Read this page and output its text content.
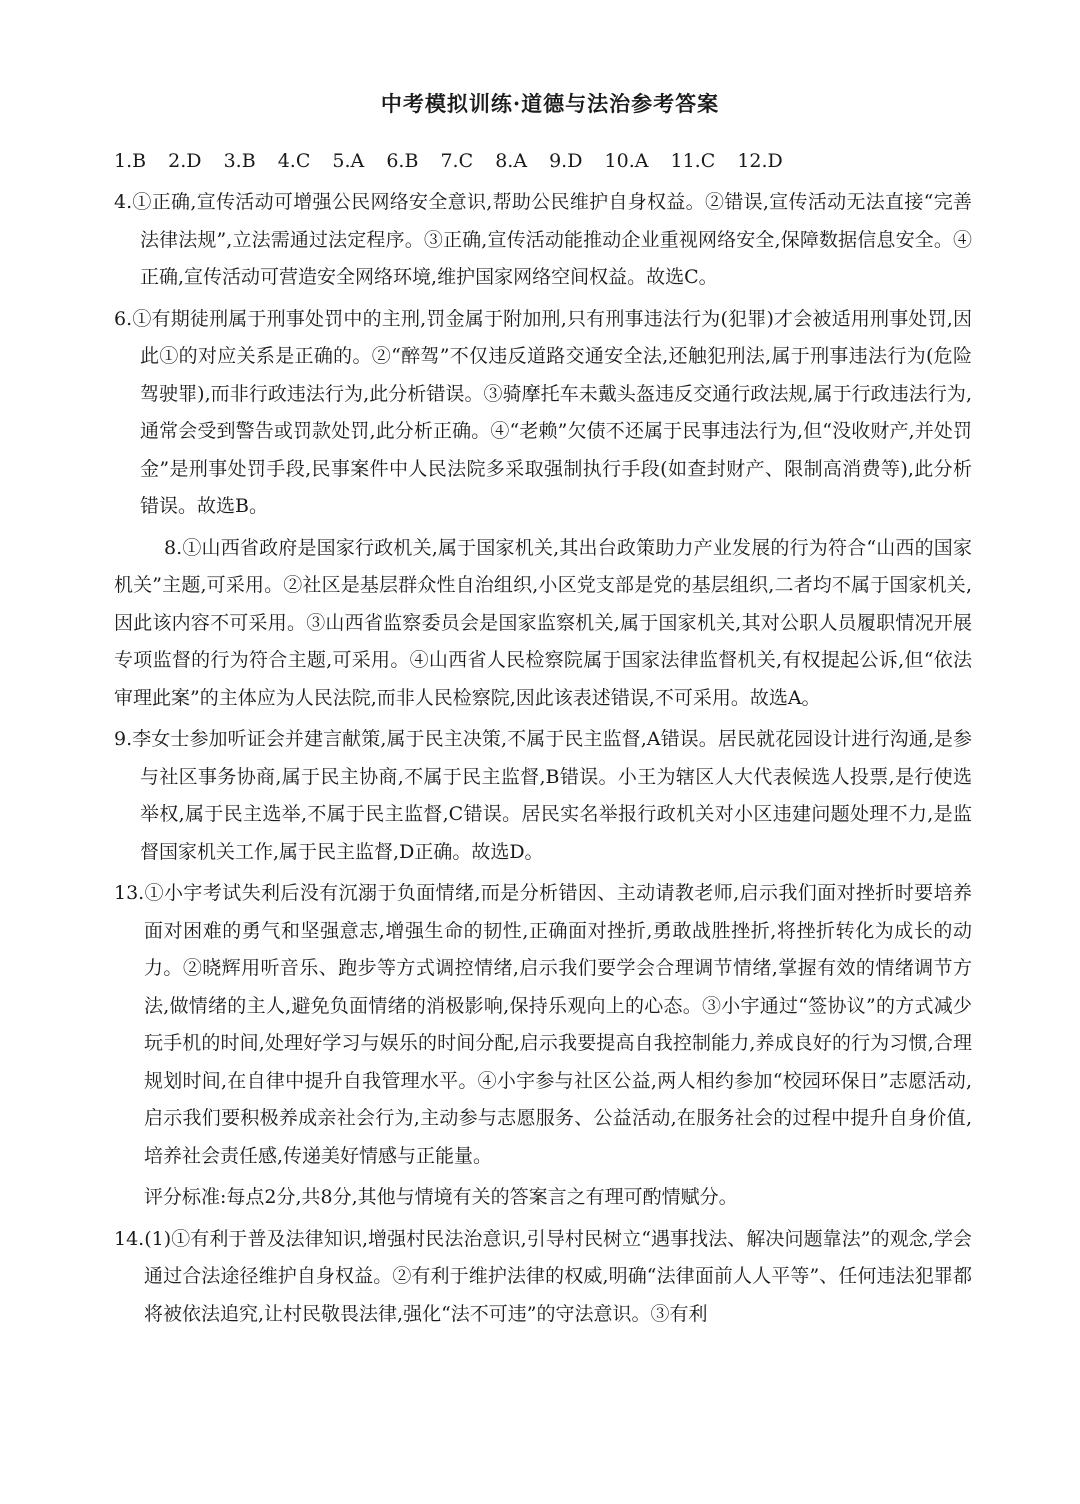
中考模拟训练·道德与法治参考答案
1.B 2.D 3.B 4.C 5.A 6.B 7.C 8.A 9.D 10.A 11.C 12.D

4.①正确,宣传活动可增强公民网络安全意识,帮助公民维护自身权益。②错误,宣传活动无法直接“完善法律法规”,立法需通过法定程序。③正确,宣传活动能推动企业重视网络安全,保障数据信息安全。④正确,宣传活动可营造安全网络环境,维护国家网络空间权益。故选C。

6.①有期徒刑属于刑事处罚中的主刑,罚金属于附加刑,只有刑事违法行为(犯罪)才会被适用刑事处罚,因此①的对应关系是正确的。②“醉驾”不仅违反道路交通安全法,还触犯刑法,属于刑事违法行为(危险驾驶罪),而非行政违法行为,此分析错误。③骑摩托车未戴头盔违反交通行政法规,属于行政违法行为,通常会受到警告或罚款处罚,此分析正确。④“老赖”欠债不还属于民事违法行为,但“没收财产,并处罚金”是刑事处罚手段,民事案件中人民法院多采取强制执行手段(如查封财产、限制高消费等),此分析错误。故选B。

8.①山西省政府是国家行政机关,属于国家机关,其出台政策助力产业发展的行为符合“山西的国家机关”主题,可采用。②社区是基层群众性自治组织,小区党支部是党的基层组织,二者均不属于国家机关,因此该内容不可采用。③山西省监察委员会是国家监察机关,属于国家机关,其对公职人员履职情况开展专项监督的行为符合主题,可采用。④山西省人民检察院属于国家法律监督机关,有权提起公诉,但“依法审理此案”的主体应为人民法院,而非人民检察院,因此该表述错误,不可采用。故选A。

9.李女士参加听证会并建言献策,属于民主决策,不属于民主监督,A错误。居民就花园设计进行沟通,是参与社区事务协商,属于民主协商,不属于民主监督,B错误。小王为辖区人大代表候选人投票,是行使选举权,属于民主选举,不属于民主监督,C错误。居民实名举报行政机关对小区违建问题处理不力,是监督国家机关工作,属于民主监督,D正确。故选D。

13.①小宇考试失利后没有沉溺于负面情绪,而是分析错因、主动请教老师,启示我们面对挫折时要培养面对困难的勇气和坚强意志,增强生命的韧性,正确面对挫折,勇敢战胜挫折,将挫折转化为成长的动力。②晓辉用听音乐、跑步等方式调控情绪,启示我们要学会合理调节情绪,掌握有效的情绪调节方法,做情绪的主人,避免负面情绪的消极影响,保持乐观向上的心态。③小宇通过“签协议”的方式减少玩手机的时间,处理好学习与娱乐的时间分配,启示我要提高自我控制能力,养成良好的行为习惯,合理规划时间,在自律中提升自我管理水平。④小宇参与社区公益,两人相约参加“校园环保日”志愿活动,启示我们要积极养成亲社会行为,主动参与志愿服务、公益活动,在服务社会的过程中提升自身价值,培养社会责任感,传递美好情感与正能量。

评分标准:每点2分,共8分,其他与情境有关的答案言之有理可酌情赋分。

14.(1)①有利于普及法律知识,增强村民法治意识,引导村民树立“遇事找法、解决问题靠法”的观念,学会通过合法途径维护自身权益。②有利于维护法律的权威,明确“法律面前人人平等”、任何违法犯罪都将被依法追究,让村民敬畏法律,强化“法不可违”的守法意识。③有利
